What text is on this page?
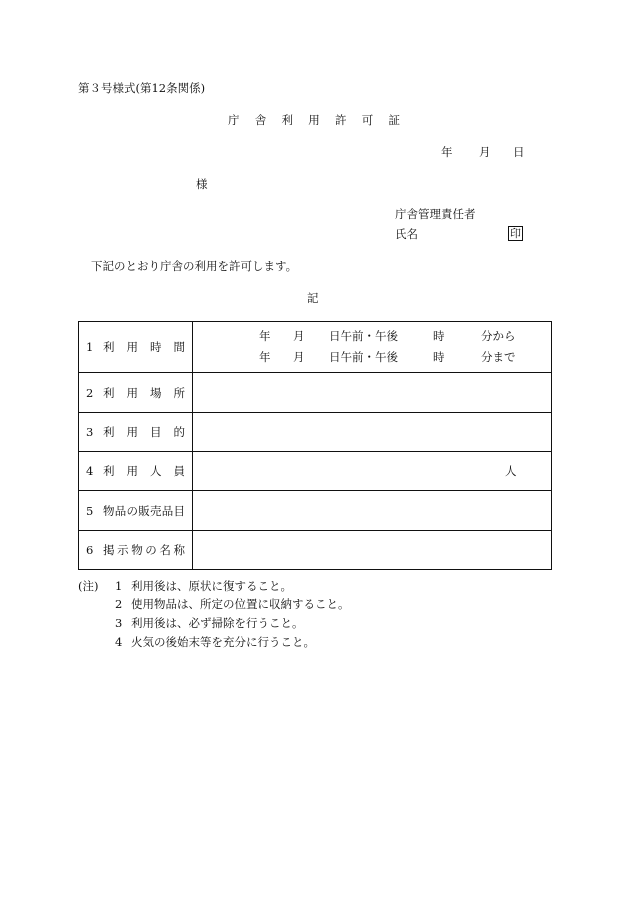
第３号様式(第12条関係)
庁 舎 利 用 許 可 証
年 月 日
様
庁舎管理責任者
氏名	印
下記のとおり庁舎の利用を許可します。
記
1 利 用 時 間
年 月 日午前・午後	時	分から
年 月 日午前・午後	時	分まで
2 利 用 場 所
3 利 用 目 的
4 利 用 人 員	人
5 物 品 の 販 売 品 目
6 掲 示 物 の 名 称
(注) 1 利用後は、原状に復すること。
2 使用物品は、所定の位置に収納すること。
3 利用後は、必ず掃除を行うこと。
4 火気の後始末等を充分に行うこと。
